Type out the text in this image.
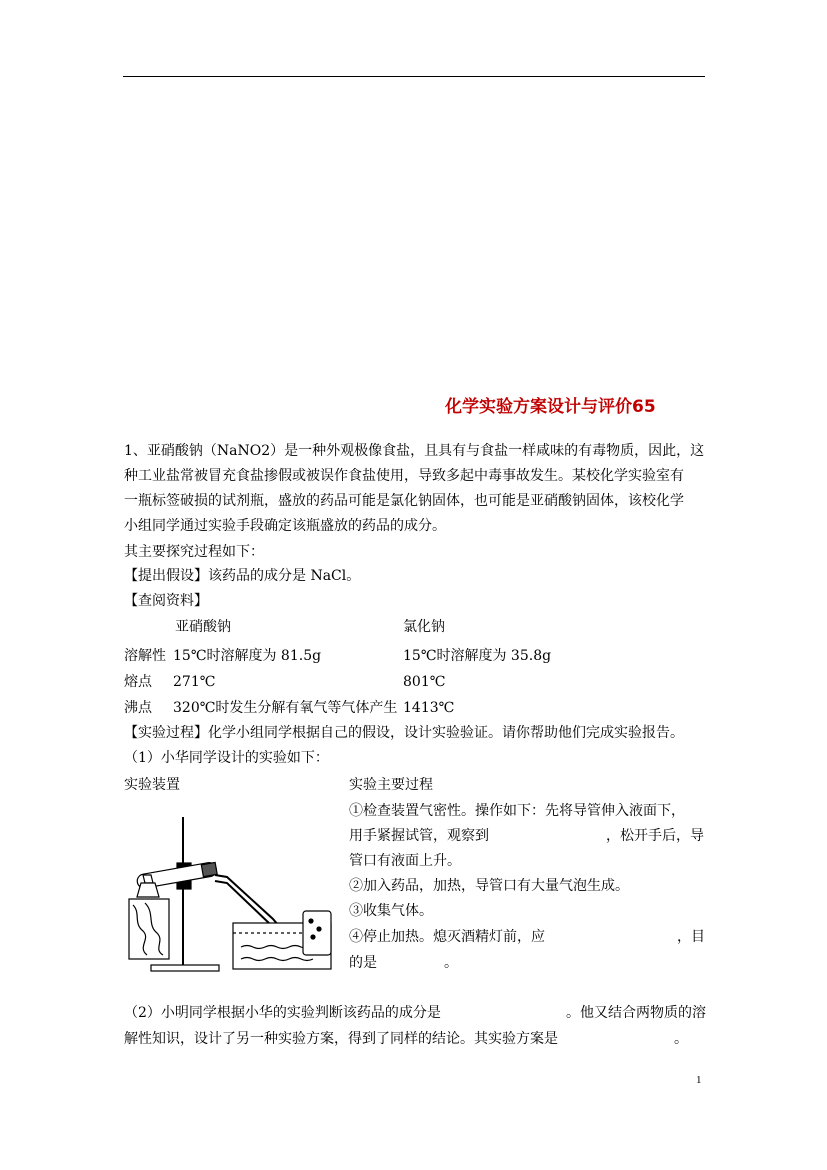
化学实验方案设计与评价65
1、亚硝酸钠（NaNO2）是一种外观极像食盐，且具有与食盐一样咸味的有毒物质，因此，这
种工业盐常被冒充食盐掺假或被误作食盐使用，导致多起中毒事故发生。某校化学实验室有
一瓶标签破损的试剂瓶，盛放的药品可能是氯化钠固体，也可能是亚硝酸钠固体，该校化学
小组同学通过实验手段确定该瓶盛放的药品的成分。
其主要探究过程如下：
【提出假设】该药品的成分是 NaCl。
【查阅资料】
亚硝酸钠	氯化钠
溶解性 15℃时溶解度为 81.5g	15℃时溶解度为 35.8g
熔点 271℃	801℃
沸点 320℃时发生分解有氧气等气体产生 1413℃
【实验过程】化学小组同学根据自己的假设，设计实验验证。请你帮助他们完成实验报告。
（1）小华同学设计的实验如下：
实验装置	实验主要过程
①检查装置气密性。操作如下：先将导管伸入液面下，
用手紧握试管，观察到	，松开手后，导
管口有液面上升。
②加入药品，加热，导管口有大量气泡生成。
③收集气体。
④停止加热。熄灭酒精灯前，应	，目
的是	。
（2）小明同学根据小华的实验判断该药品的成分是	。他又结合两物质的溶
解性知识，设计了另一种实验方案，得到了同样的结论。其实验方案是	。
1
